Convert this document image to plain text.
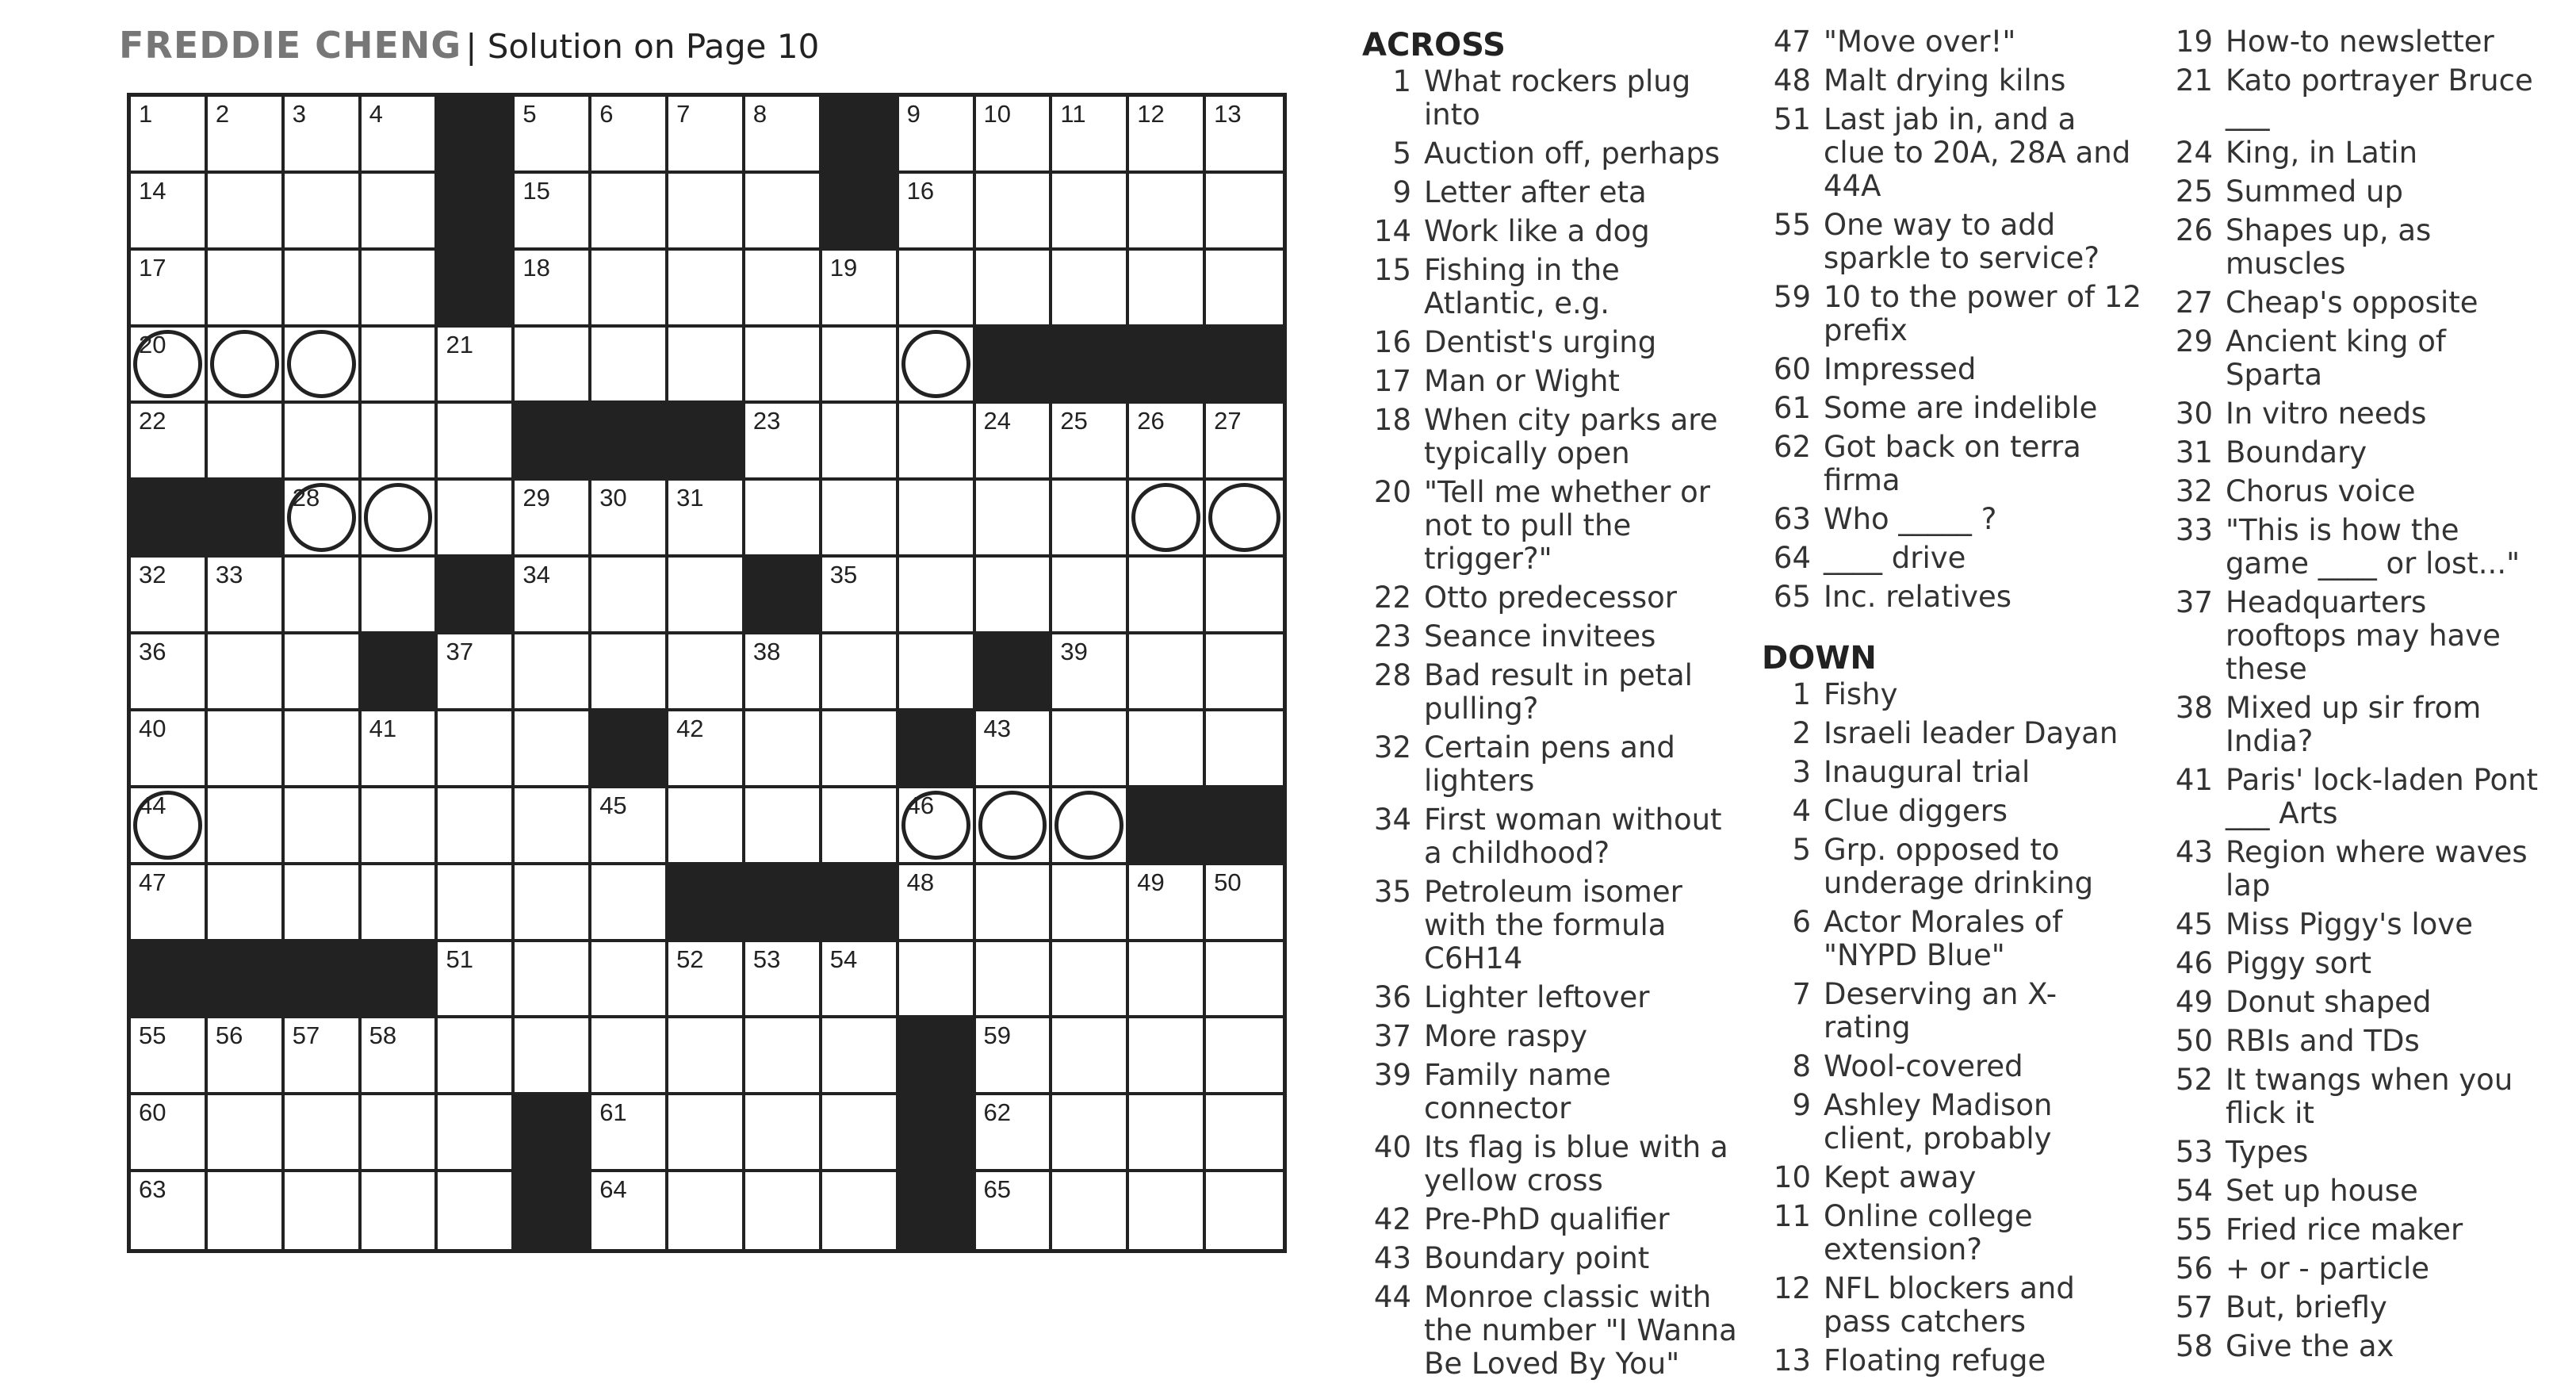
FREDDIE CHENG | Solution on Page 10
1	2	3	4	5	6	7	8	9	10 11 12 13
14	15	16
17	18	19
20	21
22	23	24 25 26 27
28	29 30 31
32 33	34	35
36	37	38	39
40	41	42	43
44	45	46
47	48	49 50
51	52 53 54
55 56 57 58	59
60	61	62
63	64	65
ACROSS
1 What rockers plug into
5 Auction off, perhaps
9 Letter after eta
14 Work like a dog
15 Fishing in the Atlantic, e.g.
16 Dentist's urging
17 Man or Wight
18 When city parks are typically open
20 "Tell me whether or not to pull the trigger?"
22 Otto predecessor
23 Seance invitees
28 Bad result in petal pulling?
32 Certain pens and lighters
34 First woman without a childhood?
35 Petroleum isomer with the formula C6H14
36 Lighter leftover
37 More raspy
39 Family name connector
40 Its flag is blue with a yellow cross
42 Pre-PhD qualifier
43 Boundary point
44 Monroe classic with the number "I Wanna Be Loved By You"
47 "Move over!"
48 Malt drying kilns
51 Last jab in, and a clue to 20A, 28A and 44A
55 One way to add sparkle to service?
59 10 to the power of 12 prefix
60 Impressed
61 Some are indelible
62 Got back on terra firma
63 Who _____ ?
64 ____ drive
65 Inc. relatives
DOWN
1 Fishy
2 Israeli leader Dayan
3 Inaugural trial
4 Clue diggers
5 Grp. opposed to underage drinking
6 Actor Morales of "NYPD Blue"
7 Deserving an X-rating
8 Wool-covered
9 Ashley Madison client, probably
10 Kept away
11 Online college extension?
12 NFL blockers and pass catchers
13 Floating refuge
19 How-to newsletter
21 Kato portrayer Bruce ___
24 King, in Latin
25 Summed up
26 Shapes up, as muscles
27 Cheap's opposite
29 Ancient king of Sparta
30 In vitro needs
31 Boundary
32 Chorus voice
33 "This is how the game ____ or lost..."
37 Headquarters rooftops may have these
38 Mixed up sir from India?
41 Paris' lock-laden Pont ___ Arts
43 Region where waves lap
45 Miss Piggy's love
46 Piggy sort
49 Donut shaped
50 RBIs and TDs
52 It twangs when you flick it
53 Types
54 Set up house
55 Fried rice maker
56 + or - particle
57 But, briefly
58 Give the ax
